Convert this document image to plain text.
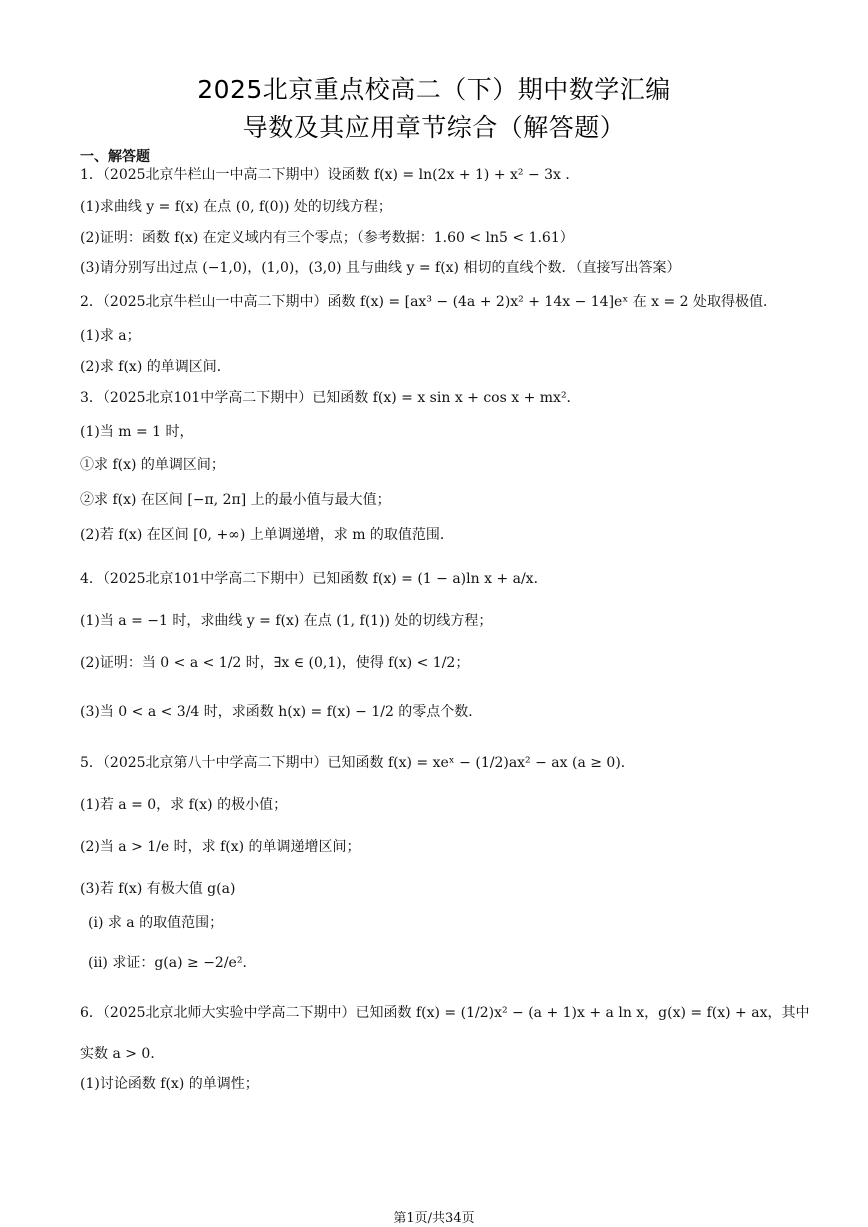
2025北京重点校高二（下）期中数学汇编
导数及其应用章节综合（解答题）
一、解答题
1．（2025北京牛栏山一中高二下期中）设函数 f(x) = ln(2x + 1) + x² − 3x ．
(1)求曲线 y = f(x) 在点 (0, f(0)) 处的切线方程；
(2)证明：函数 f(x) 在定义域内有三个零点；（参考数据：1.60 < ln5 < 1.61）
(3)请分别写出过点 (−1,0)，(1,0)，(3,0) 且与曲线 y = f(x) 相切的直线个数．（直接写出答案）
2．（2025北京牛栏山一中高二下期中）函数 f(x) = [ax³ − (4a + 2)x² + 14x − 14]eˣ 在 x = 2 处取得极值．
(1)求 a；
(2)求 f(x) 的单调区间．
3．（2025北京101中学高二下期中）已知函数 f(x) = x sin x + cos x + mx²．
(1)当 m = 1 时，
①求 f(x) 的单调区间；
②求 f(x) 在区间 [−π, 2π] 上的最小值与最大值；
(2)若 f(x) 在区间 [0, +∞) 上单调递增，求 m 的取值范围．
4．（2025北京101中学高二下期中）已知函数 f(x) = (1 − a)ln x + a/x．
(1)当 a = −1 时，求曲线 y = f(x) 在点 (1, f(1)) 处的切线方程；
(2)证明：当 0 < a < 1/2 时，∃x ∈ (0,1)，使得 f(x) < 1/2；
(3)当 0 < a < 3/4 时，求函数 h(x) = f(x) − 1/2 的零点个数．
5．（2025北京第八十中学高二下期中）已知函数 f(x) = xeˣ − (1/2)ax² − ax (a ≥ 0)．
(1)若 a = 0，求 f(x) 的极小值；
(2)当 a > 1/e 时，求 f(x) 的单调递增区间；
(3)若 f(x) 有极大值 g(a)
(i) 求 a 的取值范围；
(ii) 求证：g(a) ≥ −2/e²．
6．（2025北京北师大实验中学高二下期中）已知函数 f(x) = (1/2)x² − (a + 1)x + a ln x，g(x) = f(x) + ax，其中
实数 a > 0．
(1)讨论函数 f(x) 的单调性；
第1页/共34页
